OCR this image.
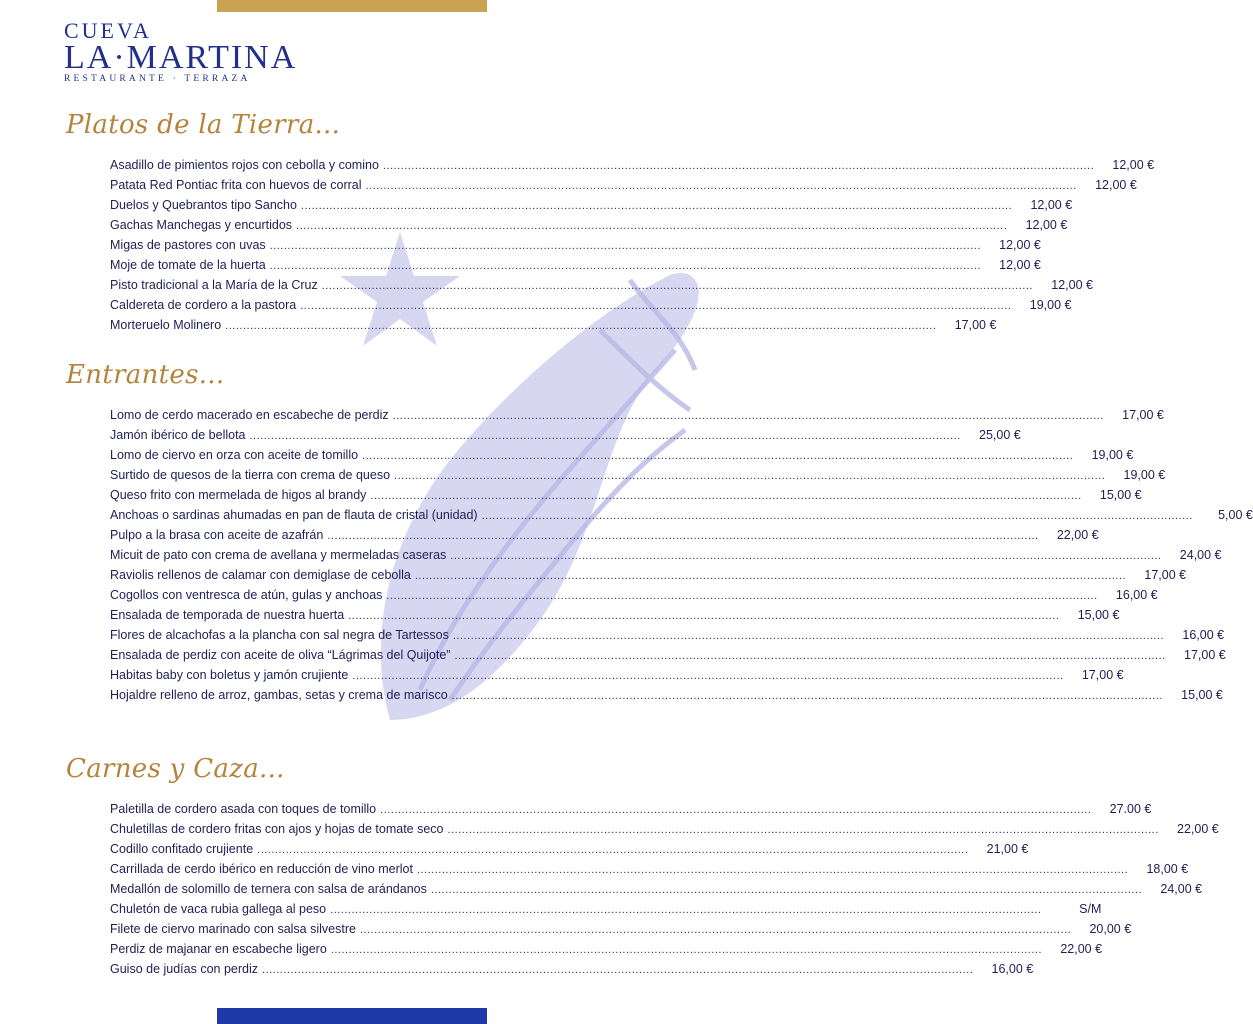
CUEVA
LA·MARTINA
RESTAURANTE · TERRAZA
Platos de la Tierra...
Asadillo de pimientos rojos con cebolla y comino ........................................................................................................................................................................................................	12,00 €
Patata Red Pontiac frita con huevos de corral ........................................................................................................................................................................................................	12,00 €
Duelos y Quebrantos tipo Sancho ........................................................................................................................................................................................................	12,00 €
Gachas Manchegas y encurtidos ........................................................................................................................................................................................................	12,00 €
Migas de pastores con uvas ........................................................................................................................................................................................................	12,00 €
Moje de tomate de la huerta ........................................................................................................................................................................................................	12,00 €
Pisto tradicional a la María de la Cruz ........................................................................................................................................................................................................	12,00 €
Caldereta de cordero a la pastora ........................................................................................................................................................................................................	19,00 €
Morteruelo Molinero ........................................................................................................................................................................................................	17,00 €
Entrantes...
Lomo de cerdo macerado en escabeche de perdiz ........................................................................................................................................................................................................	17,00 €
Jamón ibérico de bellota ........................................................................................................................................................................................................	25,00 €
Lomo de ciervo en orza con aceite de tomillo ........................................................................................................................................................................................................	19,00 €
Surtido de quesos de la tierra con crema de queso ........................................................................................................................................................................................................	19,00 €
Queso frito con mermelada de higos al brandy ........................................................................................................................................................................................................	15,00 €
Anchoas o sardinas ahumadas en pan de flauta de cristal (unidad) ........................................................................................................................................................................................................	5,00 €
Pulpo a la brasa con aceite de azafrán ........................................................................................................................................................................................................	22,00 €
Micuit de pato con crema de avellana y mermeladas caseras ........................................................................................................................................................................................................	24,00 €
Raviolis rellenos de calamar con demiglase de cebolla ........................................................................................................................................................................................................	17,00 €
Cogollos con ventresca de atún, gulas y anchoas ........................................................................................................................................................................................................	16,00 €
Ensalada de temporada de nuestra huerta ........................................................................................................................................................................................................	15,00 €
Flores de alcachofas a la plancha con sal negra de Tartessos ........................................................................................................................................................................................................	16,00 €
Ensalada de perdiz con aceite de oliva “Lágrimas del Quijote” ........................................................................................................................................................................................................	17,00 €
Habitas baby con boletus y jamón crujiente ........................................................................................................................................................................................................	17,00 €
Hojaldre relleno de arroz, gambas, setas y crema de marisco ........................................................................................................................................................................................................	15,00 €
Carnes y Caza...
Paletilla de cordero asada con toques de tomillo ........................................................................................................................................................................................................	27.00 €
Chuletillas de cordero fritas con ajos y hojas de tomate seco ........................................................................................................................................................................................................	22,00 €
Codillo confitado crujiente ........................................................................................................................................................................................................	21,00 €
Carrillada de cerdo ibérico en reducción de vino merlot ........................................................................................................................................................................................................	18,00 €
Medallón de solomillo de ternera con salsa de arándanos ........................................................................................................................................................................................................	24,00 €
Chuletón de vaca rubia gallega al peso ........................................................................................................................................................................................................	S/M
Filete de ciervo marinado con salsa silvestre ........................................................................................................................................................................................................	20,00 €
Perdiz de majanar en escabeche ligero ........................................................................................................................................................................................................	22,00 €
Guiso de judías con perdiz ........................................................................................................................................................................................................	16,00 €
